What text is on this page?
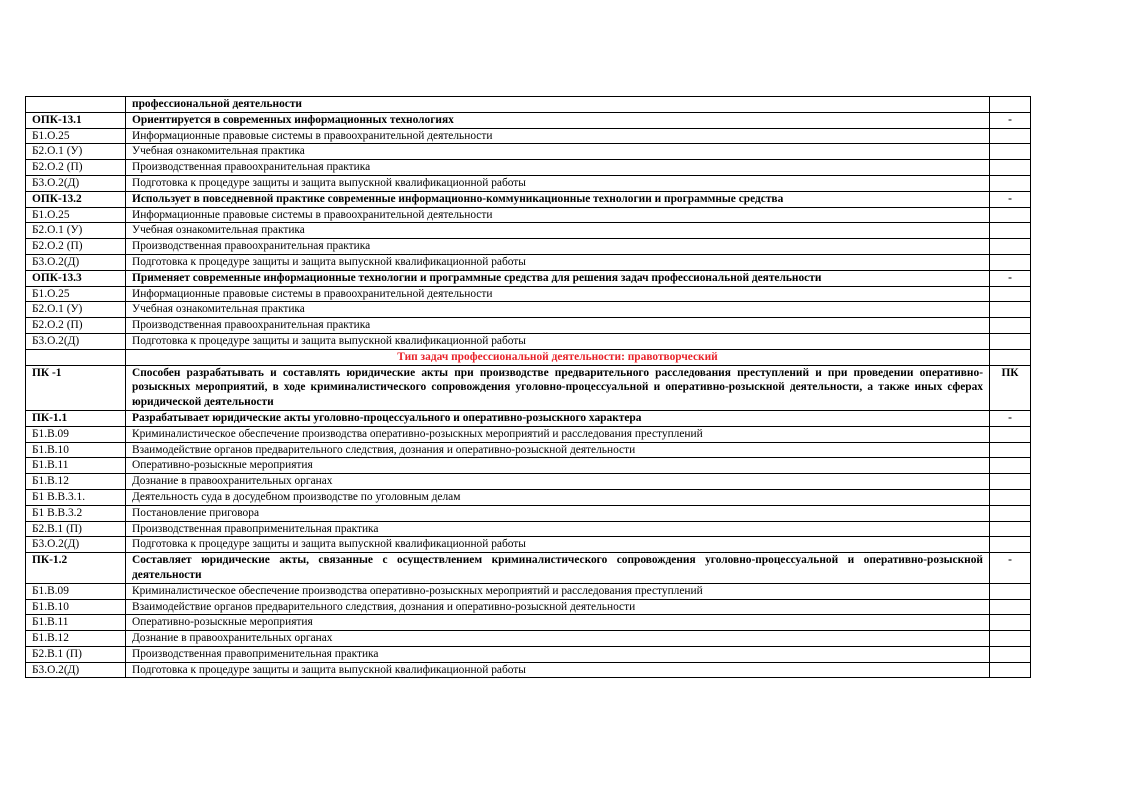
	профессиональной деятельности	
ОПК-13.1	Ориентируется в современных информационных технологиях	-
Б1.О.25	Информационные правовые системы в правоохранительной деятельности	
Б2.О.1 (У)	Учебная ознакомительная практика	
Б2.О.2 (П)	Производственная правоохранительная практика	
Б3.О.2(Д)	Подготовка к процедуре защиты и защита выпускной квалификационной работы	
ОПК-13.2	Использует в повседневной практике современные информационно-коммуникационные технологии и программные средства	-
Б1.О.25	Информационные правовые системы в правоохранительной деятельности	
Б2.О.1 (У)	Учебная ознакомительная практика	
Б2.О.2 (П)	Производственная правоохранительная практика	
Б3.О.2(Д)	Подготовка к процедуре защиты и защита выпускной квалификационной работы	
ОПК-13.3	Применяет современные информационные технологии и программные средства для решения задач профессиональной деятельности	-
Б1.О.25	Информационные правовые системы в правоохранительной деятельности	
Б2.О.1 (У)	Учебная ознакомительная практика	
Б2.О.2 (П)	Производственная правоохранительная практика	
Б3.О.2(Д)	Подготовка к процедуре защиты и защита выпускной квалификационной работы	
	Тип задач профессиональной деятельности: правотворческий	
ПК -1	Способен разрабатывать и составлять юридические акты при производстве предварительного расследования преступлений и при проведении оперативно-розыскных мероприятий, в ходе криминалистического сопровождения уголовно-процессуальной и оперативно-розыскной деятельности, а также иных сферах юридической деятельности	ПК
ПК-1.1	Разрабатывает юридические акты уголовно-процессуального и оперативно-розыскного характера	-
Б1.В.09	Криминалистическое обеспечение производства оперативно-розыскных мероприятий и расследования преступлений	
Б1.В.10	Взаимодействие органов предварительного следствия, дознания и оперативно-розыскной деятельности	
Б1.В.11	Оперативно-розыскные мероприятия	
Б1.В.12	Дознание в правоохранительных органах	
Б1 В.В.3.1.	Деятельность суда в досудебном производстве по уголовным делам	
Б1 В.В.3.2	Постановление приговора	
Б2.В.1 (П)	Производственная правоприменительная практика	
Б3.О.2(Д)	Подготовка к процедуре защиты и защита выпускной квалификационной работы	
ПК-1.2	Составляет юридические акты, связанные с осуществлением криминалистического сопровождения уголовно-процессуальной и оперативно-розыскной деятельности	-
Б1.В.09	Криминалистическое обеспечение производства оперативно-розыскных мероприятий и расследования преступлений	
Б1.В.10	Взаимодействие органов предварительного следствия, дознания и оперативно-розыскной деятельности	
Б1.В.11	Оперативно-розыскные мероприятия	
Б1.В.12	Дознание в правоохранительных органах	
Б2.В.1 (П)	Производственная правоприменительная практика	
Б3.О.2(Д)	Подготовка к процедуре защиты и защита выпускной квалификационной работы	
